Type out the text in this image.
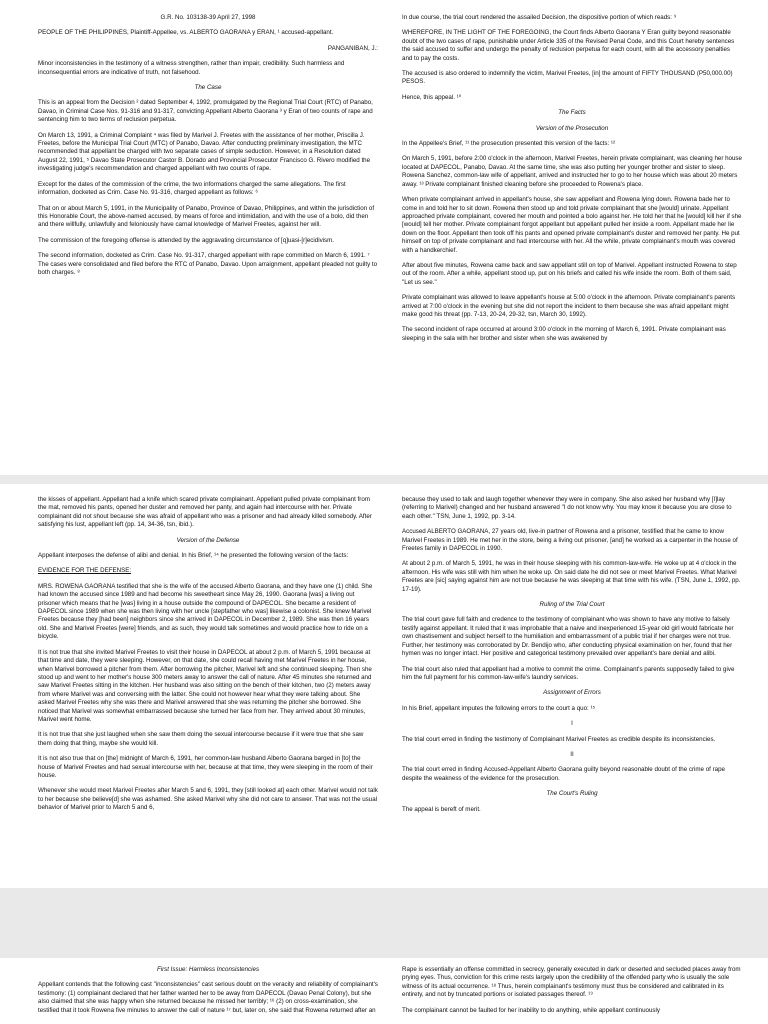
G.R. No. 103138-39 April 27, 1998

PEOPLE OF THE PHILIPPINES, Plaintiff-Appellee, vs. ALBERTO GAORANA y ERAN, ¹ accused-appellant.

PANGANIBAN, J.:

Minor inconsistencies in the testimony of a witness strengthen, rather than impair, credibility. Such harmless and inconsequential errors are indicative of truth, not falsehood.

The Case

This is an appeal from the Decision ² dated September 4, 1992, promulgated by the Regional Trial Court (RTC) of Panabo, Davao, in Criminal Case Nos. 91-316 and 91-317, convicting Appellant Alberto Gaorana ³ y Eran of two counts of rape and sentencing him to two terms of reclusion perpetua.

On March 13, 1991, a Criminal Complaint ⁴ was filed by Marivel J. Freetes with the assistance of her mother, Priscilla J. Freetes, before the Municipal Trial Court (MTC) of Panabo, Davao. After conducting preliminary investigation, the MTC recommended that appellant be charged with two separate cases of simple seduction. However, in a Resolution dated August 22, 1991, ⁵ Davao State Prosecutor Castor B. Dorado and Provincial Prosecutor Francisco G. Rivero modified the investigating judge's recommendation and charged appellant with two counts of rape.

Except for the dates of the commission of the crime, the two informations charged the same allegations. The first information, docketed as Crim. Case No. 91-316, charged appellant as follows: ⁶

That on or about March 5, 1991, in the Municipality of Panabo, Province of Davao, Philippines, and within the jurisdiction of this Honorable Court, the above-named accused, by means of force and intimidation, and with the use of a bolo, did then and there willfully, unlawfully and feloniously have carnal knowledge of Marivel Freetes, against her will.

The commission of the foregoing offense is attended by the aggravating circumstance of [q]uasi-[r]ecidivism.

The second information, docketed as Crim. Case No. 91-317, charged appellant with rape committed on March 6, 1991. ⁷ The cases were consolidated and filed before the RTC of Panabo, Davao. Upon arraignment, appellant pleaded not guilty to both charges. ⁸

In due course, the trial court rendered the assailed Decision, the dispositive portion of which reads: ⁹

WHEREFORE, IN THE LIGHT OF THE FOREGOING, the Court finds Alberto Gaorana Y Eran guilty beyond reasonable doubt of the two cases of rape, punishable under Article 335 of the Revised Penal Code, and this Court hereby sentences the said accused to suffer and undergo the penalty of reclusion perpetua for each count, with all the accessory penalties and to pay the costs.

The accused is also ordered to indemnify the victim, Marivel Freetes, [in] the amount of FIFTY THOUSAND (P50,000.00) PESOS.

Hence, this appeal. ¹⁰

The Facts

Version of the Prosecution

In the Appellee's Brief, ¹¹ the prosecution presented this version of the facts: ¹²

On March 5, 1991, before 2:00 o'clock in the afternoon, Marivel Freetes, herein private complainant, was cleaning her house located at DAPECOL, Panabo, Davao. At the same time, she was also putting her younger brother and sister to sleep. Rowena Sanchez, common-law wife of appellant, arrived and instructed her to go to her house which was about 20 meters away. ¹³ Private complainant finished cleaning before she proceeded to Rowena's place.

When private complainant arrived in appellant's house, she saw appellant and Rowena lying down. Rowena bade her to come in and told her to sit down. Rowena then stood up and told private complainant that she [would] urinate. Appellant approached private complainant, covered her mouth and pointed a bolo against her. He told her that he [would] kill her if she [would] tell her mother. Private complainant forgot appellant but appellant pulled her inside a room. Appellant made her lie down on the floor. Appellant then took off his pants and opened private complainant's duster and removed her panty. He put himself on top of private complainant and had intercourse with her. All the while, private complainant's mouth was covered with a handkerchief.

After about five minutes, Rowena came back and saw appellant still on top of Marivel. Appellant instructed Rowena to step out of the room. After a while, appellant stood up, put on his briefs and called his wife inside the room. Both of them said, "Let us see."

Private complainant was allowed to leave appellant's house at 5:00 o'clock in the afternoon. Private complainant's parents arrived at 7:00 o'clock in the evening but she did not report the incident to them because she was afraid appellant might make good his threat (pp. 7-13, 20-24, 29-32, tsn, March 30, 1992).

The second incident of rape occurred at around 3:00 o'clock in the morning of March 6, 1991. Private complainant was sleeping in the sala with her brother and sister when she was awakened by

the kisses of appellant. Appellant had a knife which scared private complainant. Appellant pulled private complainant from the mat, removed his pants, opened her duster and removed her panty, and again had intercourse with her. Private complainant did not shout because she was afraid of appellant who was a prisoner and had already killed somebody. After satisfying his lust, appellant left (pp. 14, 34-36, tsn, ibid.).

Version of the Defense

Appellant interposes the defense of alibi and denial. In his Brief, ¹⁴ he presented the following version of the facts:

EVIDENCE FOR THE DEFENSE:

MRS. ROWENA GAORANA testified that she is the wife of the accused Alberto Gaorana, and they have one (1) child. She had known the accused since 1989 and had become his sweetheart since May 26, 1990. Gaorana [was] a living out prisoner which means that he [was] living in a house outside the compound of DAPECOL. She became a resident of DAPECOL since 1989 when she was then living with her uncle [stepfather who was] likewise a colonist. She knew Marivel Freetes because they [had been] neighbors since she arrived in DAPECOL in December 2, 1989. She was then 16 years old. She and Marivel Freetes [were] friends, and as such, they would talk sometimes and would practice how to ride on a bicycle.

It is not true that she invited Marivel Freetes to visit their house in DAPECOL at about 2 p.m. of March 5, 1991 because at that time and date, they were sleeping. However, on that date, she could recall having met Marivel Freetes in her house, when Marivel borrowed a pitcher from them. After borrowing the pitcher, Marivel left and she continued sleeping. Then she stood up and went to her mother's house 300 meters away to answer the call of nature. After 45 minutes she returned and saw Marivel Freetes sitting in the kitchen. Her husband was also sitting on the bench of their kitchen, two (2) meters away from where Marivel was and conversing with the latter. She could not however hear what they were talking about. She asked Marivel Freetes why she was there and Marivel answered that she was returning the pitcher she borrowed. She noticed that Marivel was somewhat embarrassed because she turned her face from her. They arrived about 30 minutes, Marivel went home.

It is not true that she just laughed when she saw them doing the sexual intercourse because if it were true that she saw them doing that thing, maybe she would kill.

It is not also true that on [the] midnight of March 6, 1991, her common-law husband Alberto Gaorana barged in [to] the house of Marivel Freetes and had sexual intercourse with her, because at that time, they were sleeping in the room of their house.

Whenever she would meet Marivel Freetes after March 5 and 6, 1991, they [still looked at] each other. Marivel would not talk to her because she believe[d] she was ashamed. She asked Marivel why she did not care to answer. That was not the usual behavior of Marivel prior to March 5 and 6,

because they used to talk and laugh together whenever they were in company. She also asked her husband why [I]lay (referring to Marivel) changed and her husband answered "I do not know why. You may know it because you are close to each other." TSN, June 1, 1992, pp. 3-14.

Accused ALBERTO GAORANA, 27 years old, live-in partner of Rowena and a prisoner, testified that he came to know Marivel Freetes in 1989. He met her in the store, being a living out prisoner, [and] he worked as a carpenter in the house of Freetes family in DAPECOL in 1990.

At about 2 p.m. of March 5, 1991, he was in their house sleeping with his common-law-wife. He woke up at 4 o'clock in the afternoon. His wife was still with him when he woke up. On said date he did not see or meet Marivel Freetes. What Marivel Freetes are [sic] saying against him are not true because he was sleeping at that time with his wife. (TSN, June 1, 1992, pp. 17-19).

Ruling of the Trial Court

The trial court gave full faith and credence to the testimony of complainant who was shown to have any motive to falsely testify against appellant. It ruled that it was improbable that a naive and inexperienced 15-year old girl would fabricate her own chastisement and subject herself to the humiliation and embarrassment of a public trial if her charges were not true. Further, her testimony was corroborated by Dr. Bendijo who, after conducting physical examination on her, found that her hymen was no longer intact. Her positive and categorical testimony prevailed over appellant's bare denial and alibi.

The trial court also ruled that appellant had a motive to commit the crime. Complainant's parents supposedly failed to give him the full payment for his common-law-wife's laundry services.

Assignment of Errors

In his Brief, appellant imputes the following errors to the court a quo: ¹⁵

I

The trial court erred in finding the testimony of Complainant Marivel Freetes as credible despite its inconsistencies.

II

The trial court erred in finding Accused-Appellant Alberto Gaorana guilty beyond reasonable doubt of the crime of rape despite the weakness of the evidence for the prosecution.

The Court's Ruling

The appeal is bereft of merit.

First Issue: Harmless Inconsistencies

Appellant contends that the following cast "inconsistencies" cast serious doubt on the veracity and reliability of complainant's testimony: (1) complainant declared that her father wanted her to be away from DAPECOL (Davao Penal Colony), but she also claimed that she was happy when she returned because he missed her terribly; ¹⁶ (2) on cross-examination, she testified that it took Rowena five minutes to answer the call of nature ¹⁷ but, later on, she said that Rowena returned after an

Rape is essentially an offense committed in secrecy, generally executed in dark or deserted and secluded places away from prying eyes. Thus, conviction for this crime rests largely upon the credibility of the offended party who is usually the sole witness of its actual occurrence. ¹⁸ Thus, herein complainant's testimony must thus be considered and calibrated in its entirety, and not by truncated portions or isolated passages thereof. ¹⁹

The complainant cannot be faulted for her inability to do anything, while appellant continuously
